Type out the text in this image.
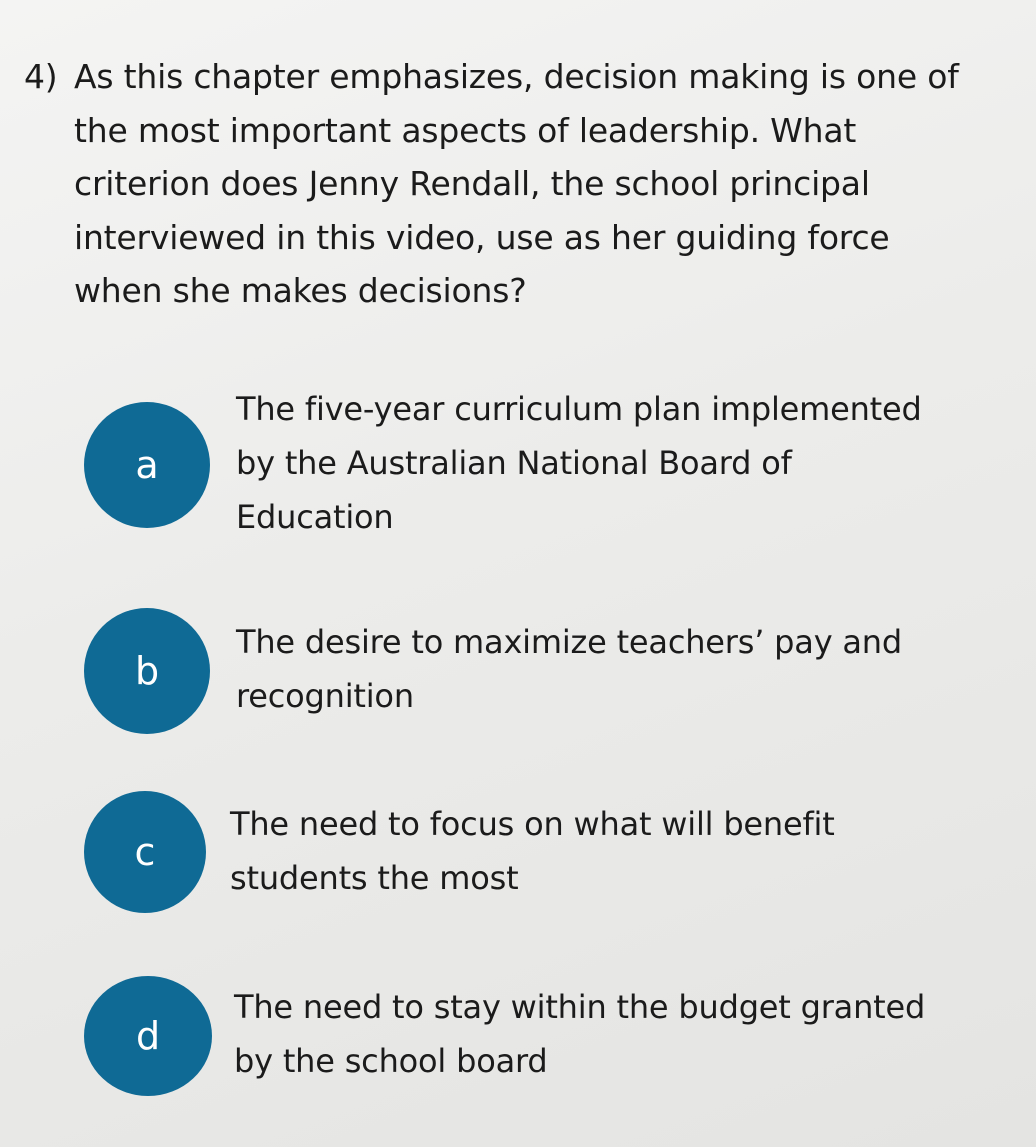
4) As this chapter emphasizes, decision making is one of the most important aspects of leadership. What criterion does Jenny Rendall, the school principal interviewed in this video, use as her guiding force when she makes decisions?
a
The five-year curriculum plan implemented by the Australian National Board of Education
b
The desire to maximize teachers’ pay and recognition
c
The need to focus on what will benefit students the most
d
The need to stay within the budget granted by the school board
